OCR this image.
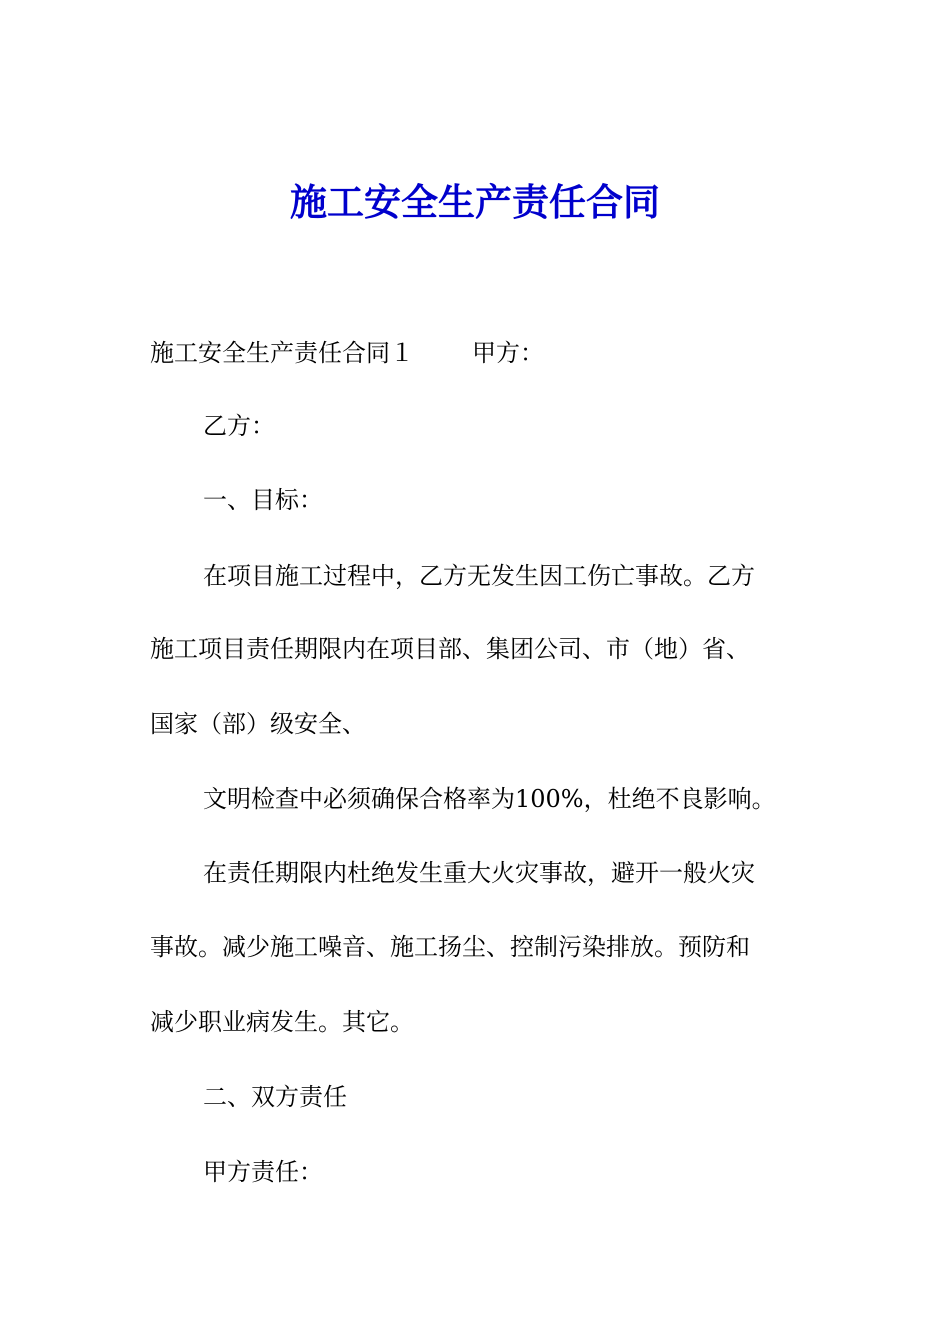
施工安全生产责任合同
施工安全生产责任合同１ 甲方：
乙方：
一、目标：
在项目施工过程中，乙方无发生因工伤亡事故。乙方
施工项目责任期限内在项目部、集团公司、市（地）省、
国家（部）级安全、
文明检查中必须确保合格率为100%，杜绝不良影响。
在责任期限内杜绝发生重大火灾事故，避开一般火灾
事故。减少施工噪音、施工扬尘、控制污染排放。预防和
减少职业病发生。其它。
二、双方责任
甲方责任：
